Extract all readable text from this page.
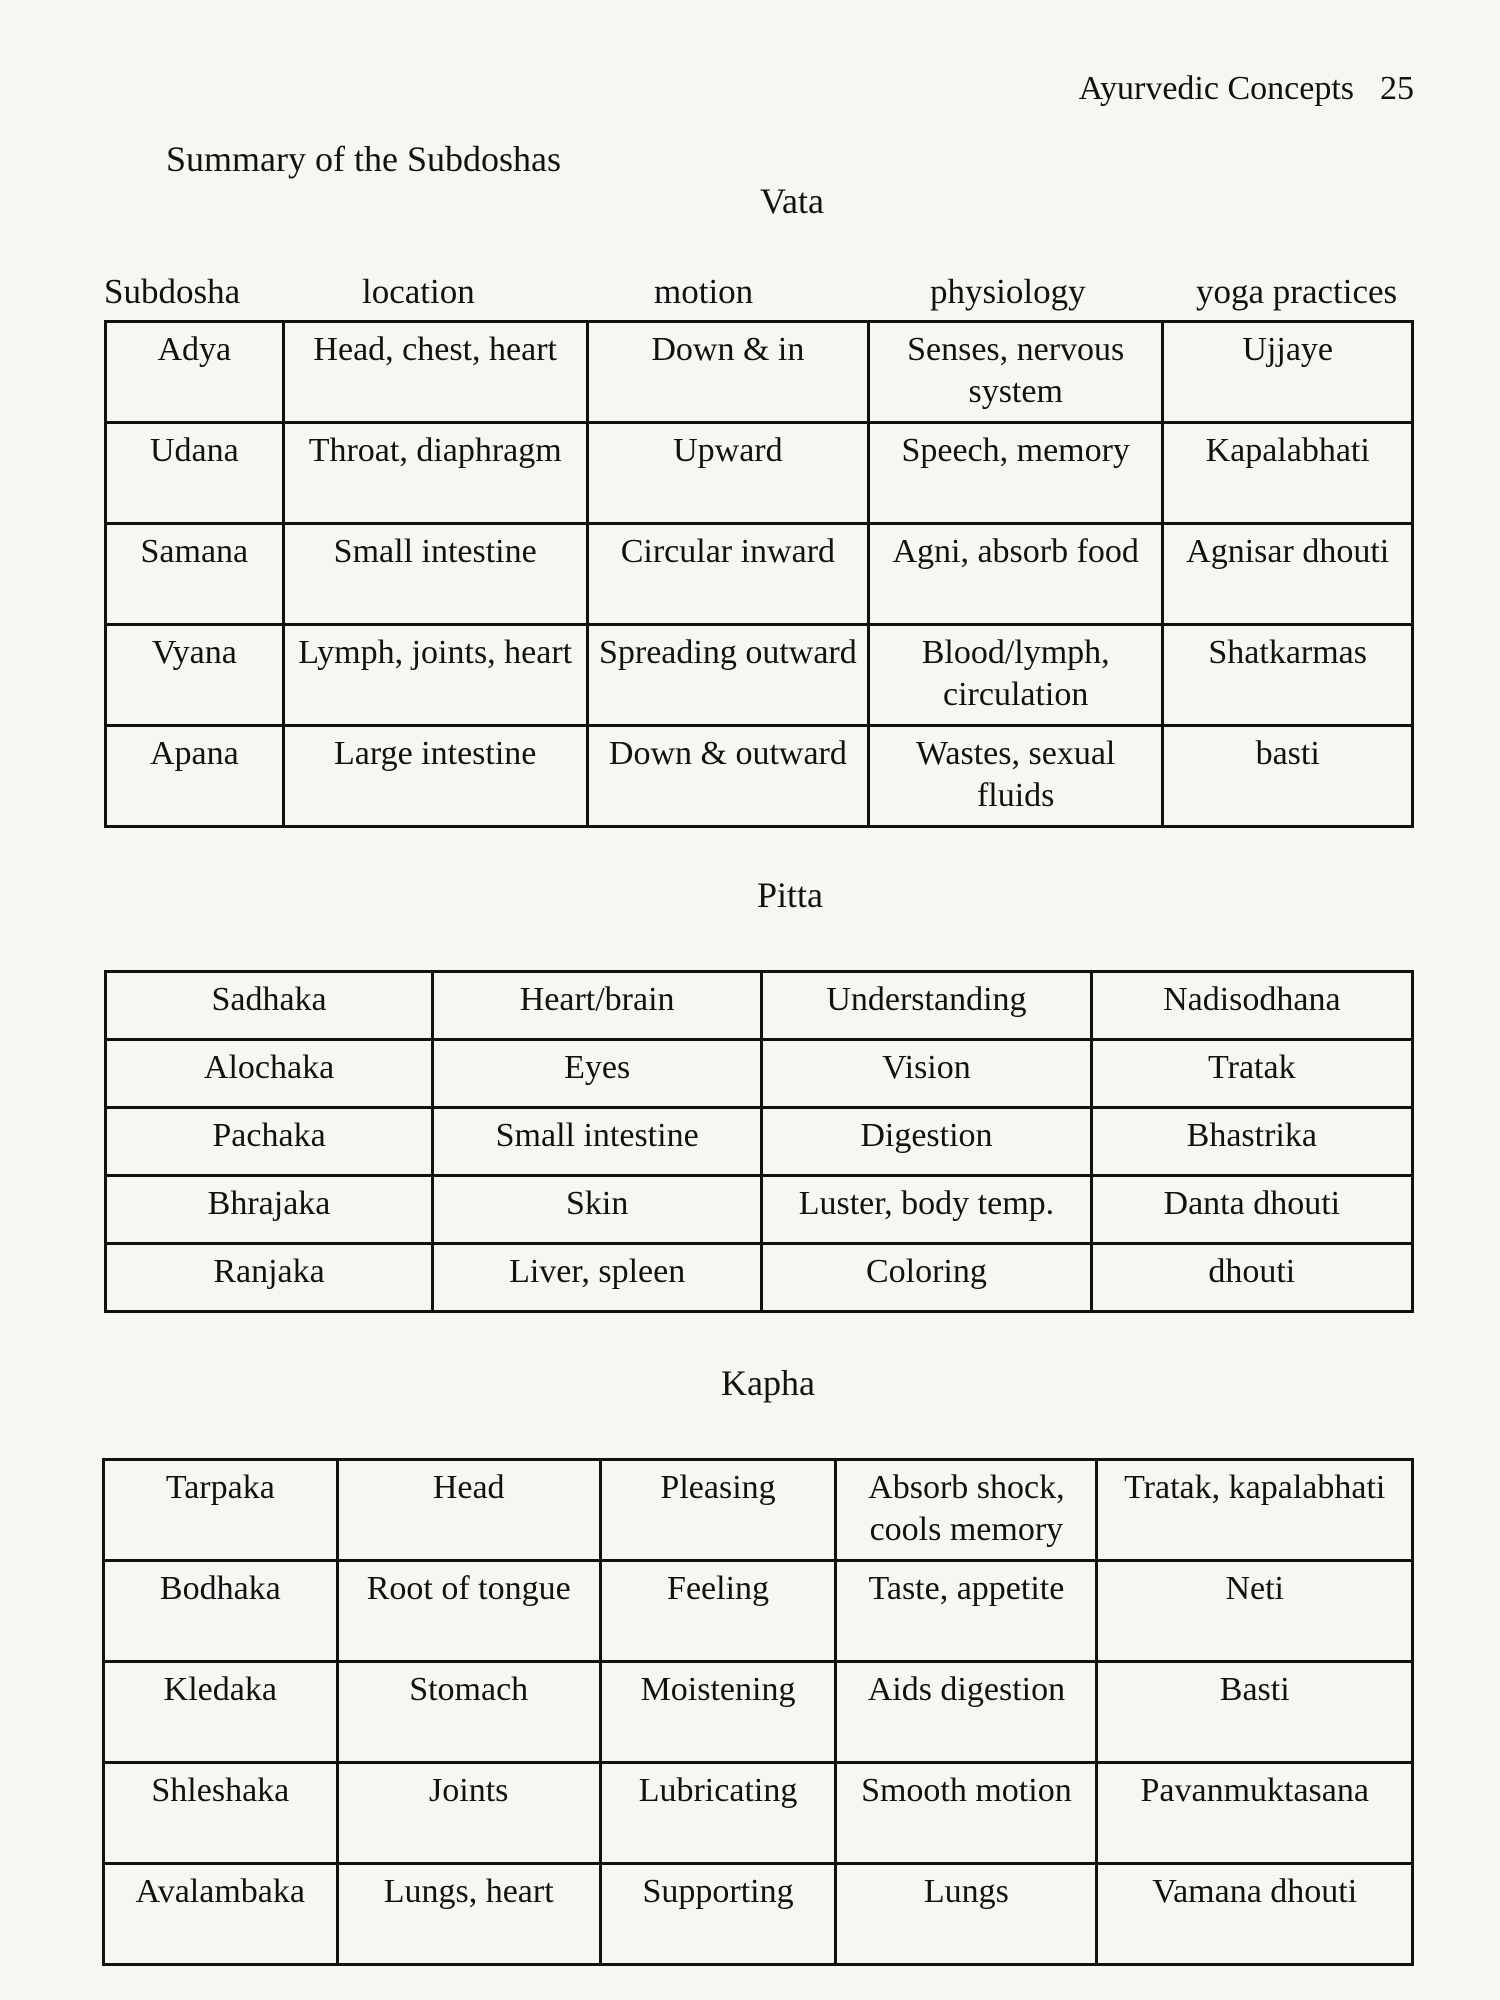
Ayurvedic Concepts 25
Summary of the Subdoshas
Vata
Subdosha	location	motion	physiology	yoga practices
Adya	Head, chest, heart	Down & in	Senses, nervous system	Ujjaye
Udana	Throat, diaphragm	Upward	Speech, memory	Kapalabhati
Samana	Small intestine	Circular inward	Agni, absorb food	Agnisar dhouti
Vyana	Lymph, joints, heart	Spreading outward	Blood/lymph, circulation	Shatkarmas
Apana	Large intestine	Down & outward	Wastes, sexual fluids	basti
Pitta
Sadhaka	Heart/brain	Understanding	Nadisodhana
Alochaka	Eyes	Vision	Tratak
Pachaka	Small intestine	Digestion	Bhastrika
Bhrajaka	Skin	Luster, body temp.	Danta dhouti
Ranjaka	Liver, spleen	Coloring	dhouti
Kapha
Tarpaka	Head	Pleasing	Absorb shock, cools memory	Tratak, kapalabhati
Bodhaka	Root of tongue	Feeling	Taste, appetite	Neti
Kledaka	Stomach	Moistening	Aids digestion	Basti
Shleshaka	Joints	Lubricating	Smooth motion	Pavanmuktasana
Avalambaka	Lungs, heart	Supporting	Lungs	Vamana dhouti
